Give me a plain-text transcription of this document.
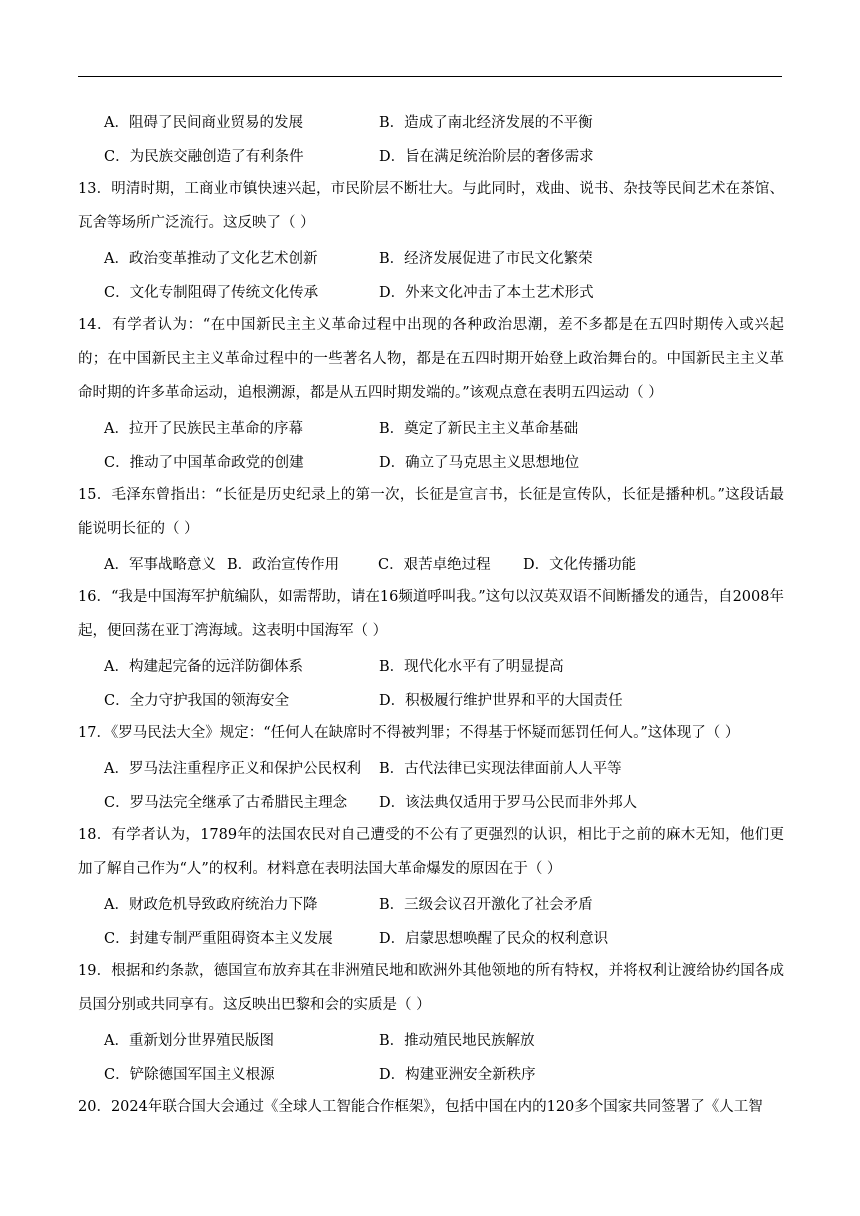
A．阻碍了民间商业贸易的发展	B．造成了南北经济发展的不平衡
C．为民族交融创造了有利条件	D．旨在满足统治阶层的奢侈需求

13．明清时期，工商业市镇快速兴起，市民阶层不断壮大。与此同时，戏曲、说书、杂技等民间艺术在茶馆、瓦舍等场所广泛流行。这反映了（ ）

A．政治变革推动了文化艺术创新	B．经济发展促进了市民文化繁荣
C．文化专制阻碍了传统文化传承	D．外来文化冲击了本土艺术形式

14．有学者认为：“在中国新民主主义革命过程中出现的各种政治思潮，差不多都是在五四时期传入或兴起的；在中国新民主主义革命过程中的一些著名人物，都是在五四时期开始登上政治舞台的。中国新民主主义革命时期的许多革命运动，追根溯源，都是从五四时期发端的。”该观点意在表明五四运动（ ）

A．拉开了民族民主革命的序幕	B．奠定了新民主主义革命基础
C．推动了中国革命政党的创建	D．确立了马克思主义思想地位

15．毛泽东曾指出：“长征是历史纪录上的第一次，长征是宣言书，长征是宣传队，长征是播种机。”这段话最能说明长征的（ ）

A．军事战略意义 B．政治宣传作用	C．艰苦卓绝过程	D．文化传播功能

16．“我是中国海军护航编队，如需帮助，请在16频道呼叫我。”这句以汉英双语不间断播发的通告，自2008年起，便回荡在亚丁湾海域。这表明中国海军（ ）

A．构建起完备的远洋防御体系	B．现代化水平有了明显提高
C．全力守护我国的领海安全	D．积极履行维护世界和平的大国责任

17．《罗马民法大全》规定：“任何人在缺席时不得被判罪；不得基于怀疑而惩罚任何人。”这体现了（ ）

A．罗马法注重程序正义和保护公民权利	B．古代法律已实现法律面前人人平等
C．罗马法完全继承了古希腊民主理念	D．该法典仅适用于罗马公民而非外邦人

18．有学者认为，1789年的法国农民对自己遭受的不公有了更强烈的认识，相比于之前的麻木无知，他们更加了解自己作为“人”的权利。材料意在表明法国大革命爆发的原因在于（ ）

A．财政危机导致政府统治力下降	B．三级会议召开激化了社会矛盾
C．封建专制严重阻碍资本主义发展	D．启蒙思想唤醒了民众的权利意识

19．根据和约条款，德国宣布放弃其在非洲殖民地和欧洲外其他领地的所有特权，并将权利让渡给协约国各成员国分别或共同享有。这反映出巴黎和会的实质是（ ）

A．重新划分世界殖民版图	B．推动殖民地民族解放
C．铲除德国军国主义根源	D．构建亚洲安全新秩序

20．2024年联合国大会通过《全球人工智能合作框架》，包括中国在内的120多个国家共同签署了《人工智
